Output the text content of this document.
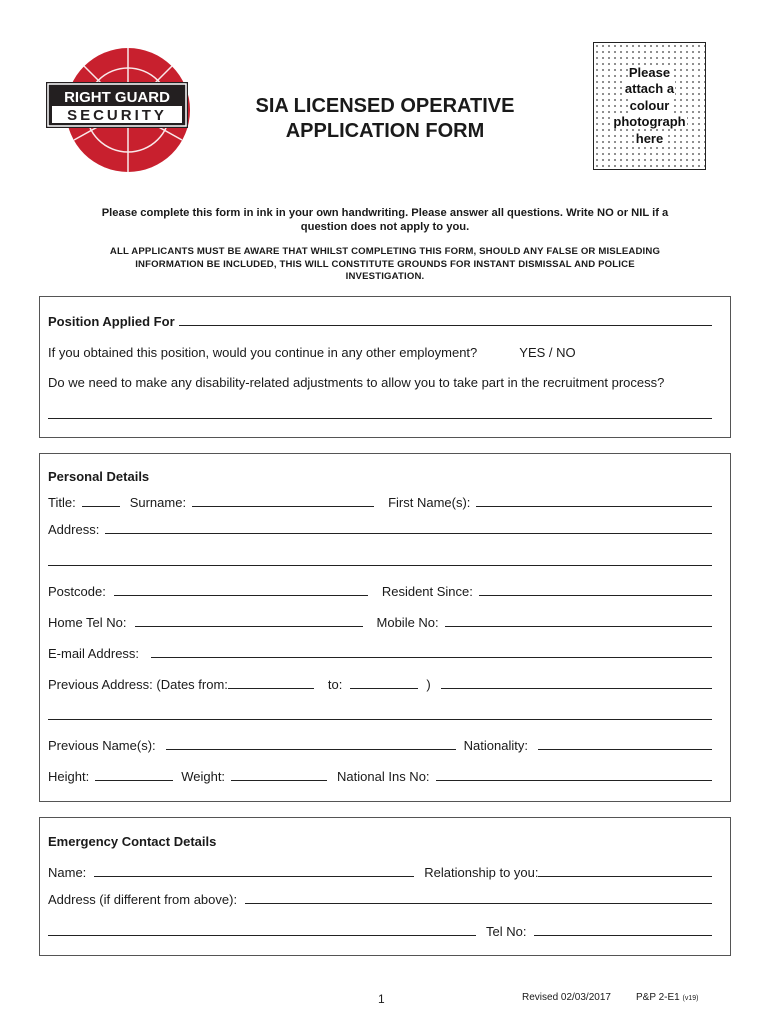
RIGHT GUARD
SECURITY	SIA LICENSED OPERATIVE
APPLICATION FORM
Please
attach a
colour
photograph
here
Please complete this form in ink in your own handwriting. Please answer all questions. Write NO or NIL if a
question does not apply to you.
ALL APPLICANTS MUST BE AWARE THAT WHILST COMPLETING THIS FORM, SHOULD ANY FALSE OR MISLEADING
INFORMATION BE INCLUDED, THIS WILL CONSTITUTE GROUNDS FOR INSTANT DISMISSAL AND POLICE
INVESTIGATION.
Position Applied For
If you obtained this position, would you continue in any other employment?	YES / NO
Do we need to make any disability-related adjustments to allow you to take part in the recruitment process?
Personal Details
Title:	Surname:	First Name(s):
Address:
Postcode:	Resident Since:
Home Tel No:	Mobile No:
E-mail Address:
Previous Address: (Dates from:	to:	)
Previous Name(s):	Nationality:
Height:	Weight:	National Ins No:
Emergency Contact Details
Name:	Relationship to you:
Address (if different from above):
Tel No:
1	Revised 02/03/2017	P&P 2-E1 (v19)
